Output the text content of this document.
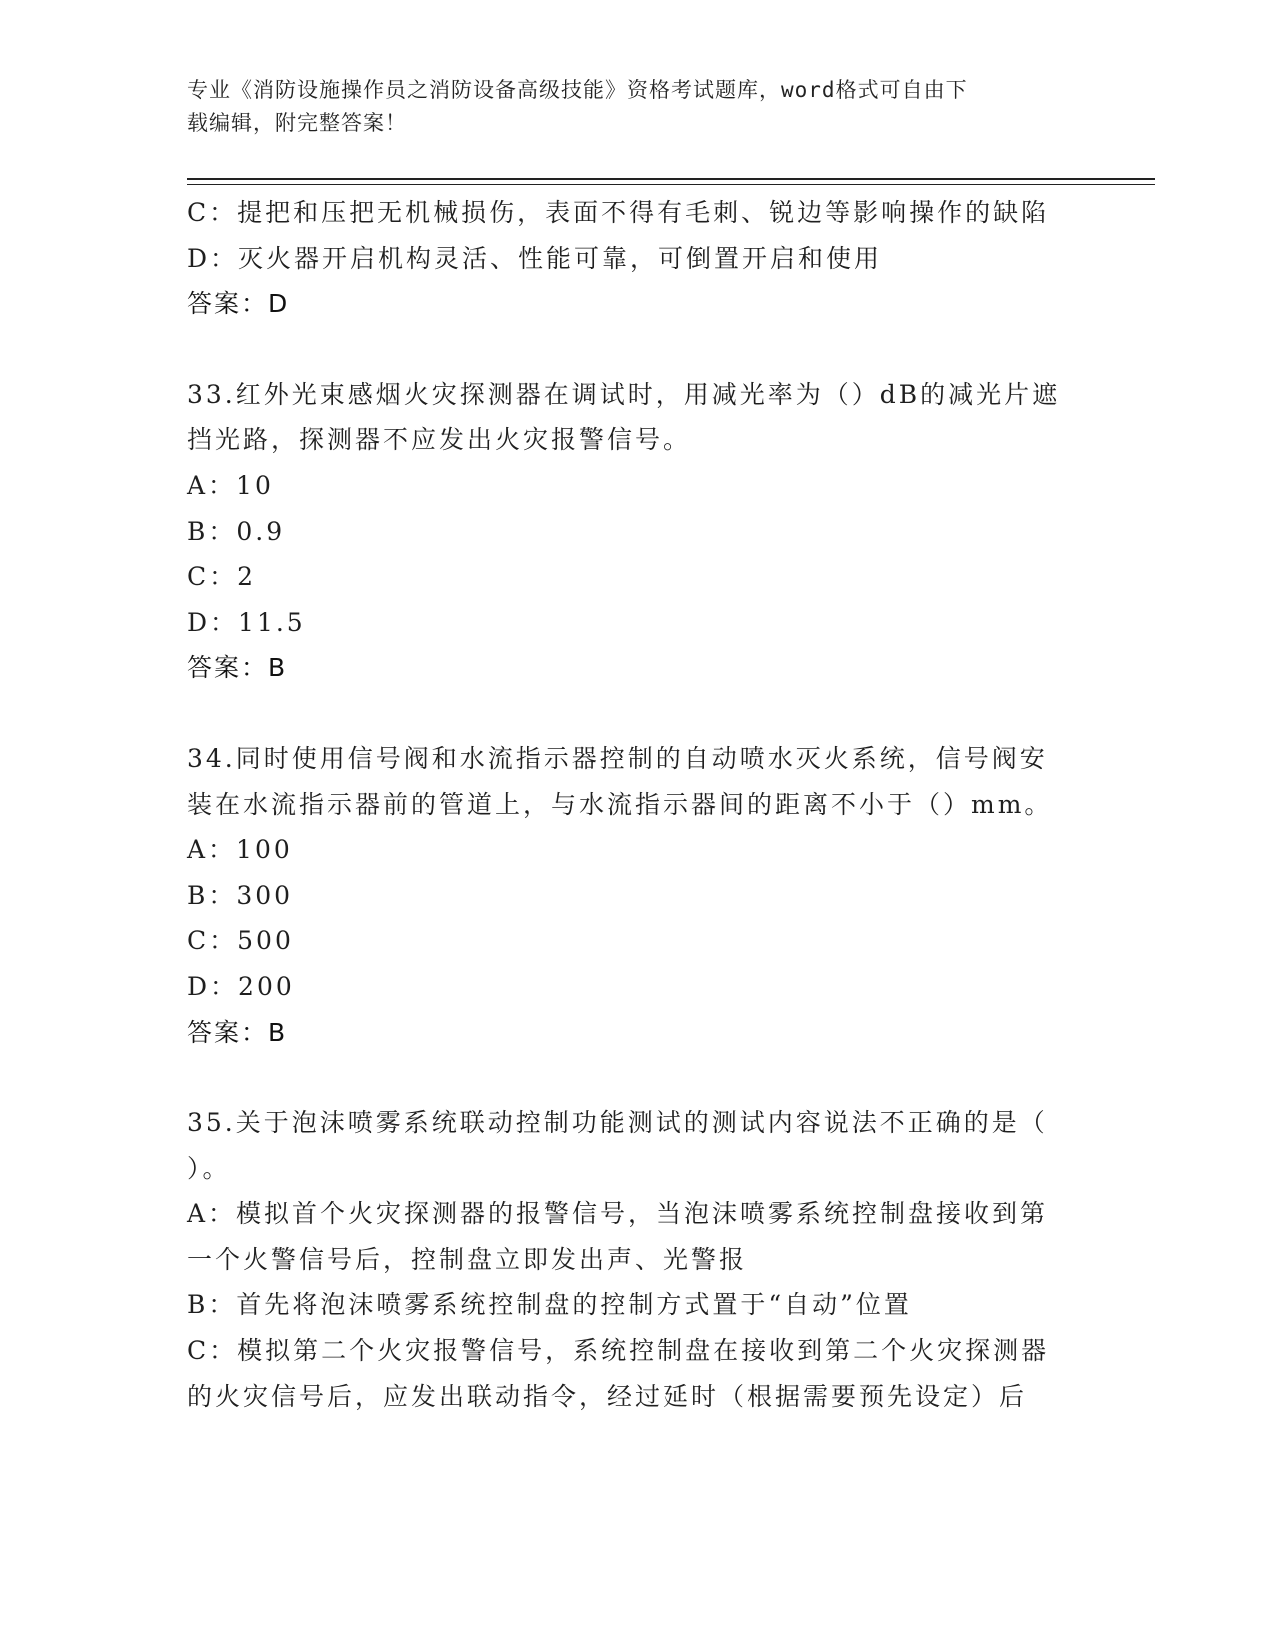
专业《消防设施操作员之消防设备高级技能》资格考试题库，word格式可自由下
载编辑，附完整答案！
C：提把和压把无机械损伤，表面不得有毛刺、锐边等影响操作的缺陷
D：灭火器开启机构灵活、性能可靠，可倒置开启和使用
答案：D
33.红外光束感烟火灾探测器在调试时，用减光率为（）dB的减光片遮
挡光路，探测器不应发出火灾报警信号。
A：10
B：0.9
C：2
D：11.5
答案：B
34.同时使用信号阀和水流指示器控制的自动喷水灭火系统，信号阀安
装在水流指示器前的管道上，与水流指示器间的距离不小于（）mm。
A：100
B：300
C：500
D：200
答案：B
35.关于泡沫喷雾系统联动控制功能测试的测试内容说法不正确的是（
）。
A：模拟首个火灾探测器的报警信号，当泡沫喷雾系统控制盘接收到第
一个火警信号后，控制盘立即发出声、光警报
B：首先将泡沫喷雾系统控制盘的控制方式置于“自动”位置
C：模拟第二个火灾报警信号，系统控制盘在接收到第二个火灾探测器
的火灾信号后，应发出联动指令，经过延时（根据需要预先设定）后
